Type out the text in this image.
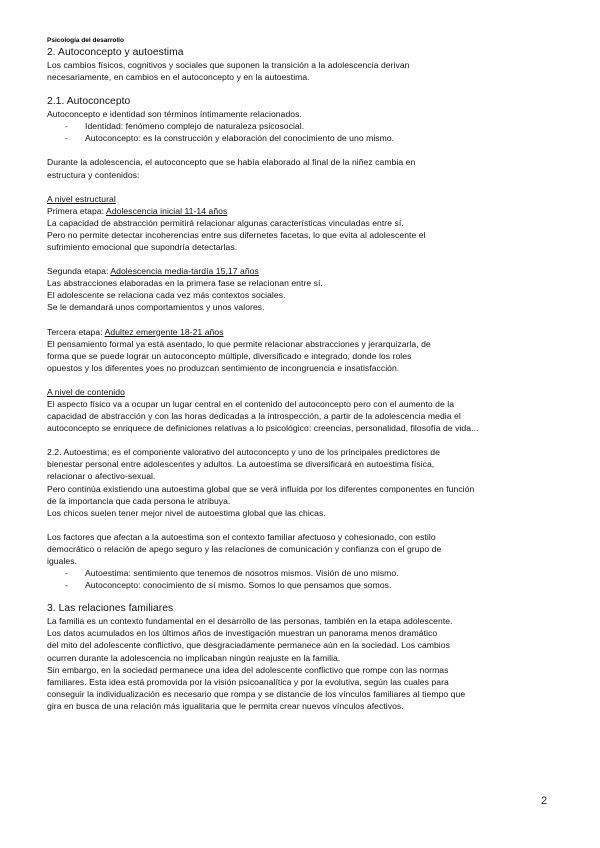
Psicología del desarrollo
2. Autoconcepto y autoestima

Los cambios físicos, cognitivos y sociales que suponen la transición a la adolescencia derivan

necesariamente, en cambios en el autoconcepto y en la autoestima.

2.1. Autoconcepto

Autoconcepto e identidad son términos íntimamente relacionados.

- Identidad: fenómeno complejo de naturaleza psicosocial.
- Autoconcepto: es la construcción y elaboración del conocimiento de uno mismo.

Durante la adolescencia, el autoconcepto que se había elaborado al final de la niñez cambia en

estructura y contenidos:

A nivel estructural

Primera etapa: Adolescencia inicial 11-14 años

La capacidad de abstracción permitirá relacionar algunas características vinculadas entre sí.

Pero no permite detectar incoherencias entre sus difernetes facetas, lo que evita al adolescente el

sufrimiento emocional que supondría detectarlas.

Segunda etapa: Adolescencia media-tardía 15,17 años

Las abstracciones elaboradas en la primera fase se relacionan entre sí.

El adolescente se relaciona cada vez más contextos sociales.

Se le demandará unos comportamientos y unos valores.

Tercera etapa: Adultez emergente 18-21 años

El pensamiento formal ya está asentado, lo que permite relacionar abstracciones y jerarquizarla, de

forma que se puede lograr un autoconcepto múltiple, diversificado e integrado, donde los roles

opuestos y los diferentes yoes no produzcan sentimiento de incongruencia e insatisfacción.

A nivel de contenido

El aspecto físico va a ocupar un lugar central en el contenido del autoconcepto pero con el aumento de la

capacidad de abstracción y con las horas dedicadas a la introspección, a partir de la adolescencia media el

autoconcepto se enriquece de definiciones relativas a lo psicológico: creencias, personalidad, filosofía de vida...

2.2. Autoestima; es el componente valorativo del autoconcepto y uno de los principales predictores de

bienestar personal entre adolescentes y adultos. La autoestima se diversificará en autoestima física,

relacionar o afectivo-sexual.

Pero continúa existiendo una autoestima global que se verá influida por los diferentes componentes en función

de la importancia que cada persona le atribuya.

Los chicos suelen tener mejor nivel de autoestima global que las chicas.

Los factores que afectan a la autoestima son el contexto familiar afectuoso y cohesionado, con estilo

democrático o relación de apego seguro y las relaciones de comunicación y confianza con el grupo de

iguales.

- Autoestima: sentimiento que tenemos de nosotros mismos. Visión de uno mismo.
- Autoconcepto: conocimiento de sí mismo. Somos lo que pensamos que somos.
3. Las relaciones familiares

La familia es un contexto fundamental en el desarrollo de las personas, también en la etapa adolescente.

Los datos acumulados en los últimos años de investigación muestran un panorama menos dramático

del mito del adolescente conflictivo, que desgraciadamente permanece aún en la sociedad. Los cambios

ocurren durante la adolescencia no implicaban ningún reajuste en la familia.

Sin embargo, en la sociedad permanece una idea del adolescente conflictivo que rompe con las normas

familiares. Esta idea está promovida por la visión psicoanalítica y por la evolutiva, según las cuales para

conseguir la individualización es necesario que rompa y se distancie de los vínculos familiares al tiempo que

gira en busca de una relación más igualitaria que le permita crear nuevos vínculos afectivos.

2
